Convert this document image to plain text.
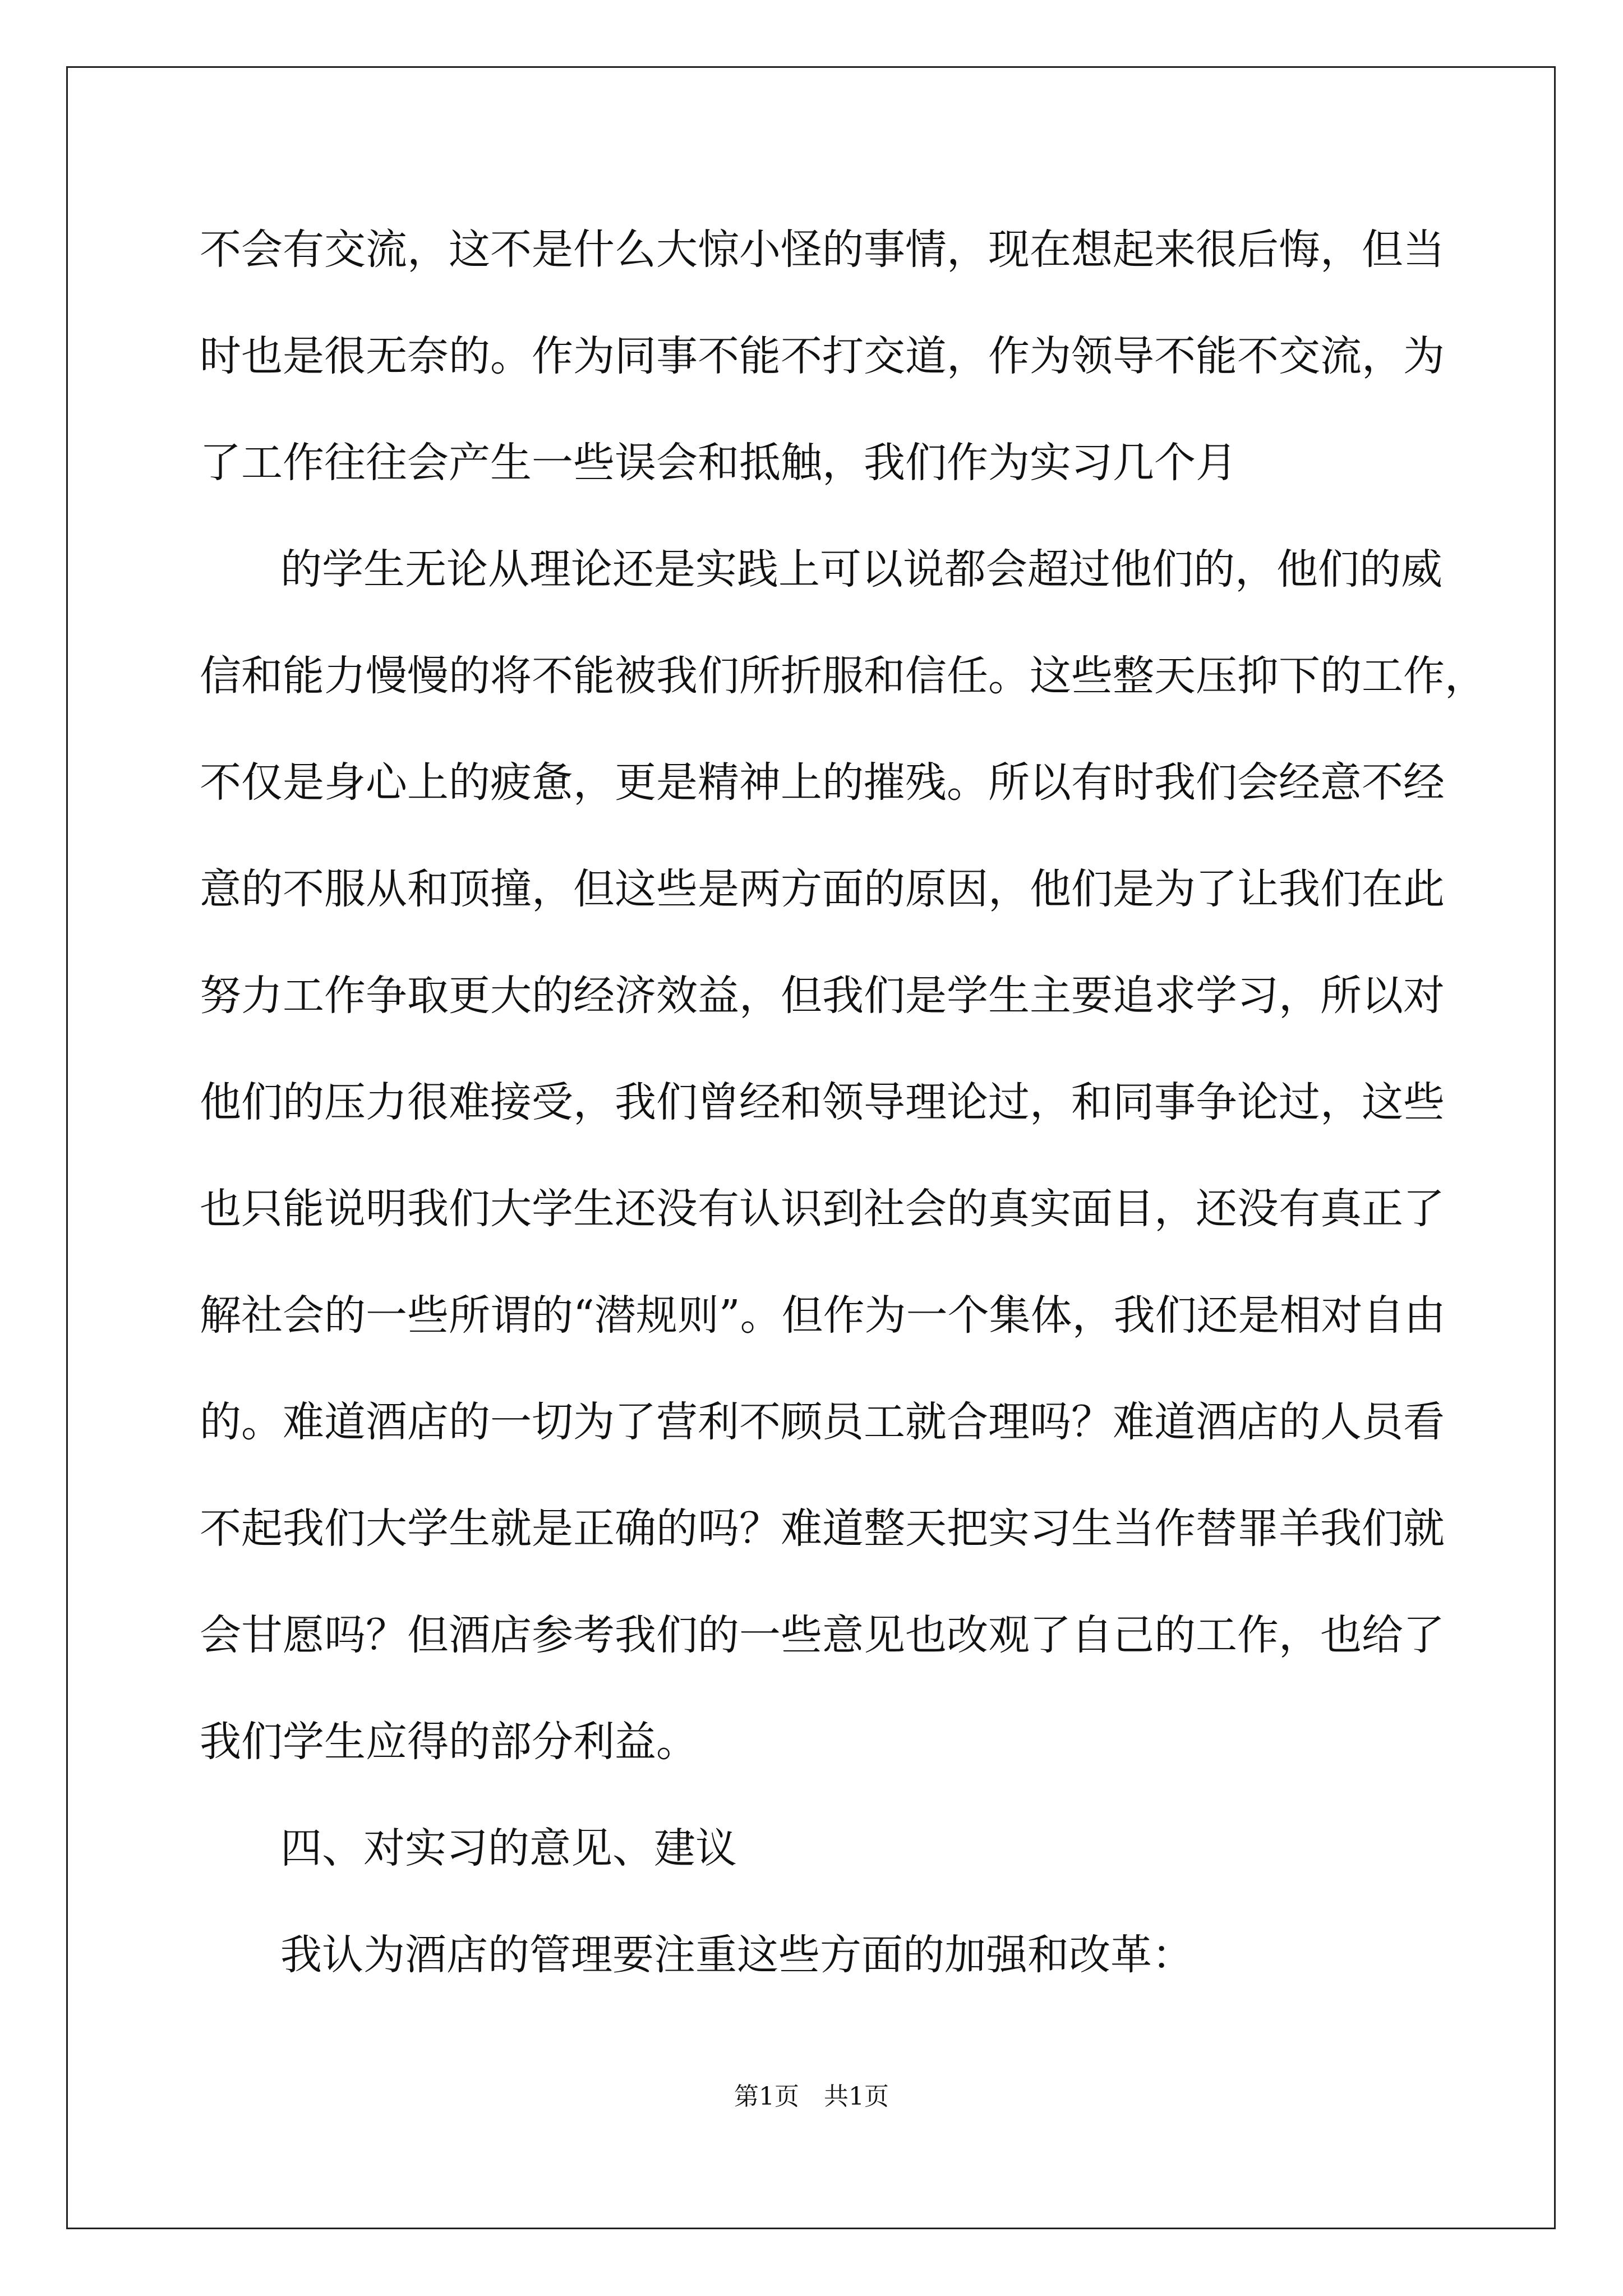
不会有交流，这不是什么大惊小怪的事情，现在想起来很后悔，但当
时也是很无奈的。作为同事不能不打交道，作为领导不能不交流，为
了工作往往会产生一些误会和抵触，我们作为实习几个月
的学生无论从理论还是实践上可以说都会超过他们的，他们的威
信和能力慢慢的将不能被我们所折服和信任。这些整天压抑下的工作，
不仅是身心上的疲惫，更是精神上的摧残。所以有时我们会经意不经
意的不服从和顶撞，但这些是两方面的原因，他们是为了让我们在此
努力工作争取更大的经济效益，但我们是学生主要追求学习，所以对
他们的压力很难接受，我们曾经和领导理论过，和同事争论过，这些
也只能说明我们大学生还没有认识到社会的真实面目，还没有真正了
解社会的一些所谓的“潜规则”。但作为一个集体，我们还是相对自由
的。难道酒店的一切为了营利不顾员工就合理吗？难道酒店的人员看
不起我们大学生就是正确的吗？难道整天把实习生当作替罪羊我们就
会甘愿吗？但酒店参考我们的一些意见也改观了自己的工作，也给了
我们学生应得的部分利益。
四、对实习的意见、建议
我认为酒店的管理要注重这些方面的加强和改革：
第1页　共1页
